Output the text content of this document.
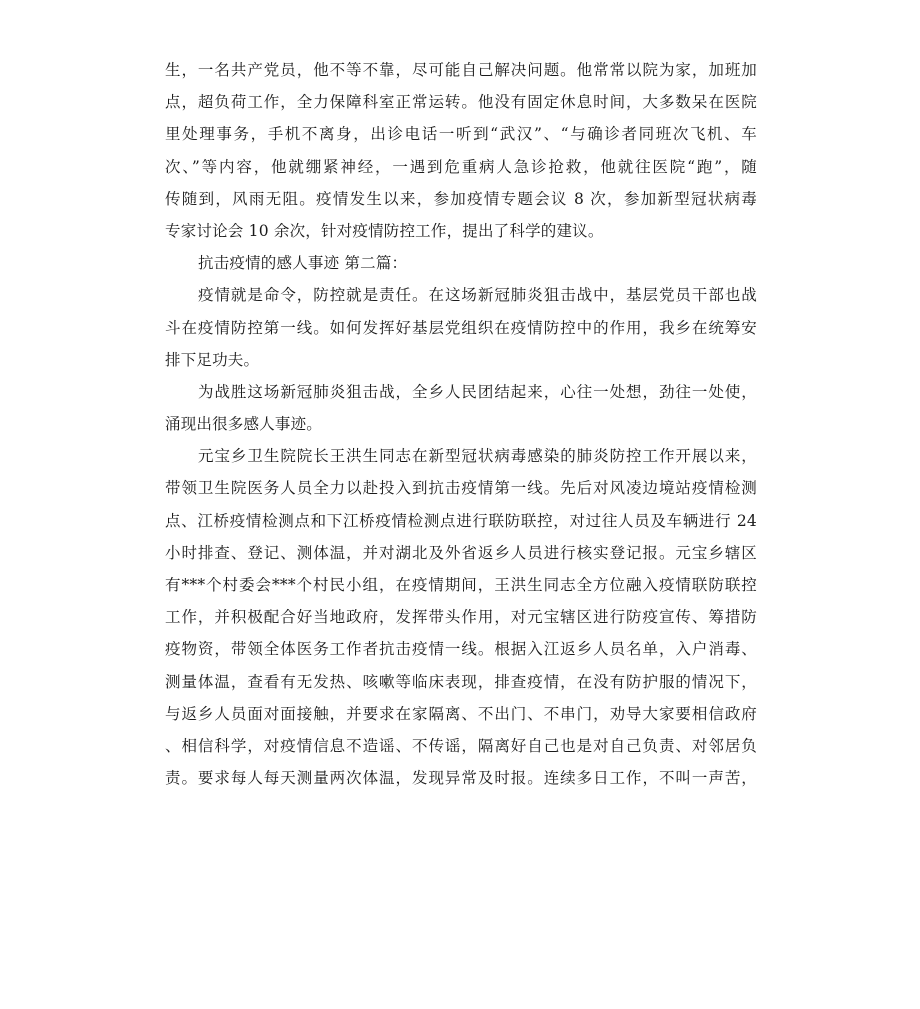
生，一名共产党员，他不等不靠，尽可能自己解决问题。他常常以院为家，加班加
点，超负荷工作，全力保障科室正常运转。他没有固定休息时间，大多数呆在医院
里处理事务，手机不离身，出诊电话一听到“武汉”、“与确诊者同班次飞机、车
次、”等内容，他就绷紧神经，一遇到危重病人急诊抢救，他就往医院“跑”，随
传随到，风雨无阻。疫情发生以来，参加疫情专题会议 8 次，参加新型冠状病毒
专家讨论会 10 余次，针对疫情防控工作，提出了科学的建议。
抗击疫情的感人事迹 第二篇：
疫情就是命令，防控就是责任。在这场新冠肺炎狙击战中，基层党员干部也战
斗在疫情防控第一线。如何发挥好基层党组织在疫情防控中的作用，我乡在统筹安
排下足功夫。
为战胜这场新冠肺炎狙击战，全乡人民团结起来，心往一处想，劲往一处使，
涌现出很多感人事迹。
元宝乡卫生院院长王洪生同志在新型冠状病毒感染的肺炎防控工作开展以来，
带领卫生院医务人员全力以赴投入到抗击疫情第一线。先后对风凌边境站疫情检测
点、江桥疫情检测点和下江桥疫情检测点进行联防联控，对过往人员及车辆进行 24
小时排查、登记、测体温，并对湖北及外省返乡人员进行核实登记报。元宝乡辖区
有***个村委会***个村民小组，在疫情期间，王洪生同志全方位融入疫情联防联控
工作，并积极配合好当地政府，发挥带头作用，对元宝辖区进行防疫宣传、筹措防
疫物资，带领全体医务工作者抗击疫情一线。根据入江返乡人员名单，入户消毒、
测量体温，查看有无发热、咳嗽等临床表现，排查疫情，在没有防护服的情况下，
与返乡人员面对面接触，并要求在家隔离、不出门、不串门，劝导大家要相信政府
、相信科学，对疫情信息不造谣、不传谣，隔离好自己也是对自己负责、对邻居负
责。要求每人每天测量两次体温，发现异常及时报。连续多日工作，不叫一声苦，
